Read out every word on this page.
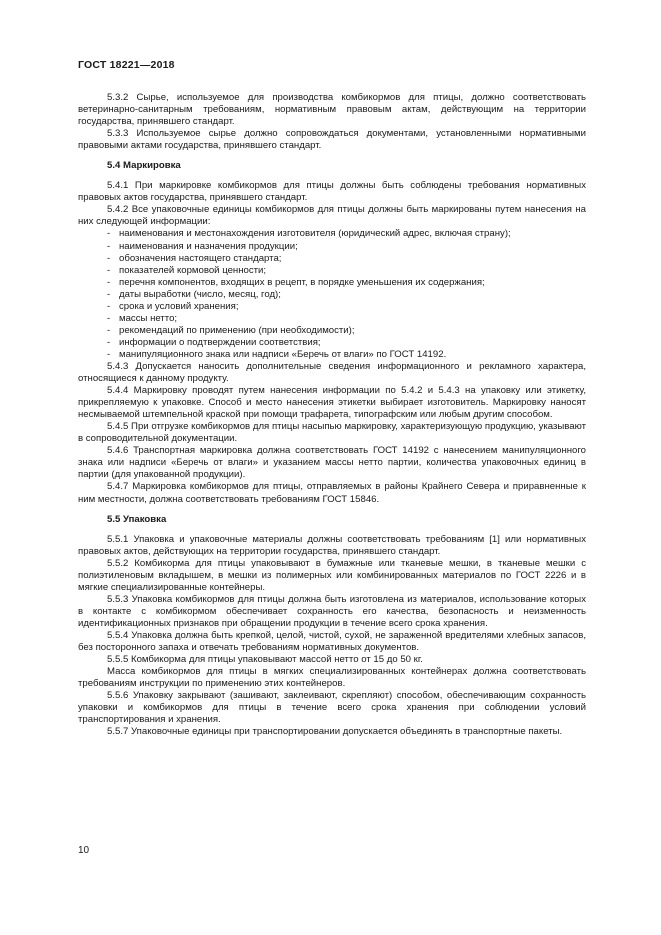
ГОСТ 18221—2018

5.3.2 Сырье, используемое для производства комбикормов для птицы, должно соответствовать ветеринарно-санитарным требованиям, нормативным правовым актам, действующим на территории государства, принявшего стандарт.

5.3.3 Используемое сырье должно сопровождаться документами, установленными нормативными правовыми актами государства, принявшего стандарт.

5.4 Маркировка

5.4.1 При маркировке комбикормов для птицы должны быть соблюдены требования нормативных правовых актов государства, принявшего стандарт.

5.4.2 Все упаковочные единицы комбикормов для птицы должны быть маркированы путем нанесения на них следующей информации:

- наименования и местонахождения изготовителя (юридический адрес, включая страну);
- наименования и назначения продукции;
- обозначения настоящего стандарта;
- показателей кормовой ценности;
- перечня компонентов, входящих в рецепт, в порядке уменьшения их содержания;
- даты выработки (число, месяц, год);
- срока и условий хранения;
- массы нетто;
- рекомендаций по применению (при необходимости);
- информации о подтверждении соответствия;
- манипуляционного знака или надписи «Беречь от влаги» по ГОСТ 14192.

5.4.3 Допускается наносить дополнительные сведения информационного и рекламного характера, относящиеся к данному продукту.

5.4.4 Маркировку проводят путем нанесения информации по 5.4.2 и 5.4.3 на упаковку или этикетку, прикрепляемую к упаковке. Способ и место нанесения этикетки выбирает изготовитель. Маркировку наносят несмываемой штемпельной краской при помощи трафарета, типографским или любым другим способом.

5.4.5 При отгрузке комбикормов для птицы насыпью маркировку, характеризующую продукцию, указывают в сопроводительной документации.

5.4.6 Транспортная маркировка должна соответствовать ГОСТ 14192 с нанесением манипуляционного знака или надписи «Беречь от влаги» и указанием массы нетто партии, количества упаковочных единиц в партии (для упакованной продукции).

5.4.7 Маркировка комбикормов для птицы, отправляемых в районы Крайнего Севера и приравненные к ним местности, должна соответствовать требованиям ГОСТ 15846.

5.5 Упаковка

5.5.1 Упаковка и упаковочные материалы должны соответствовать требованиям [1] или нормативных правовых актов, действующих на территории государства, принявшего стандарт.

5.5.2 Комбикорма для птицы упаковывают в бумажные или тканевые мешки, в тканевые мешки с полиэтиленовым вкладышем, в мешки из полимерных или комбинированных материалов по ГОСТ 2226 и в мягкие специализированные контейнеры.

5.5.3 Упаковка комбикормов для птицы должна быть изготовлена из материалов, использование которых в контакте с комбикормом обеспечивает сохранность его качества, безопасность и неизменность идентификационных признаков при обращении продукции в течение всего срока хранения.

5.5.4 Упаковка должна быть крепкой, целой, чистой, сухой, не зараженной вредителями хлебных запасов, без посторонного запаха и отвечать требованиям нормативных документов.

5.5.5 Комбикорма для птицы упаковывают массой нетто от 15 до 50 кг.

Масса комбикормов для птицы в мягких специализированных контейнерах должна соответствовать требованиям инструкции по применению этих контейнеров.

5.5.6 Упаковку закрывают (зашивают, заклеивают, скрепляют) способом, обеспечивающим сохранность упаковки и комбикормов для птицы в течение всего срока хранения при соблюдении условий транспортирования и хранения.

5.5.7 Упаковочные единицы при транспортировании допускается объединять в транспортные пакеты.

10
